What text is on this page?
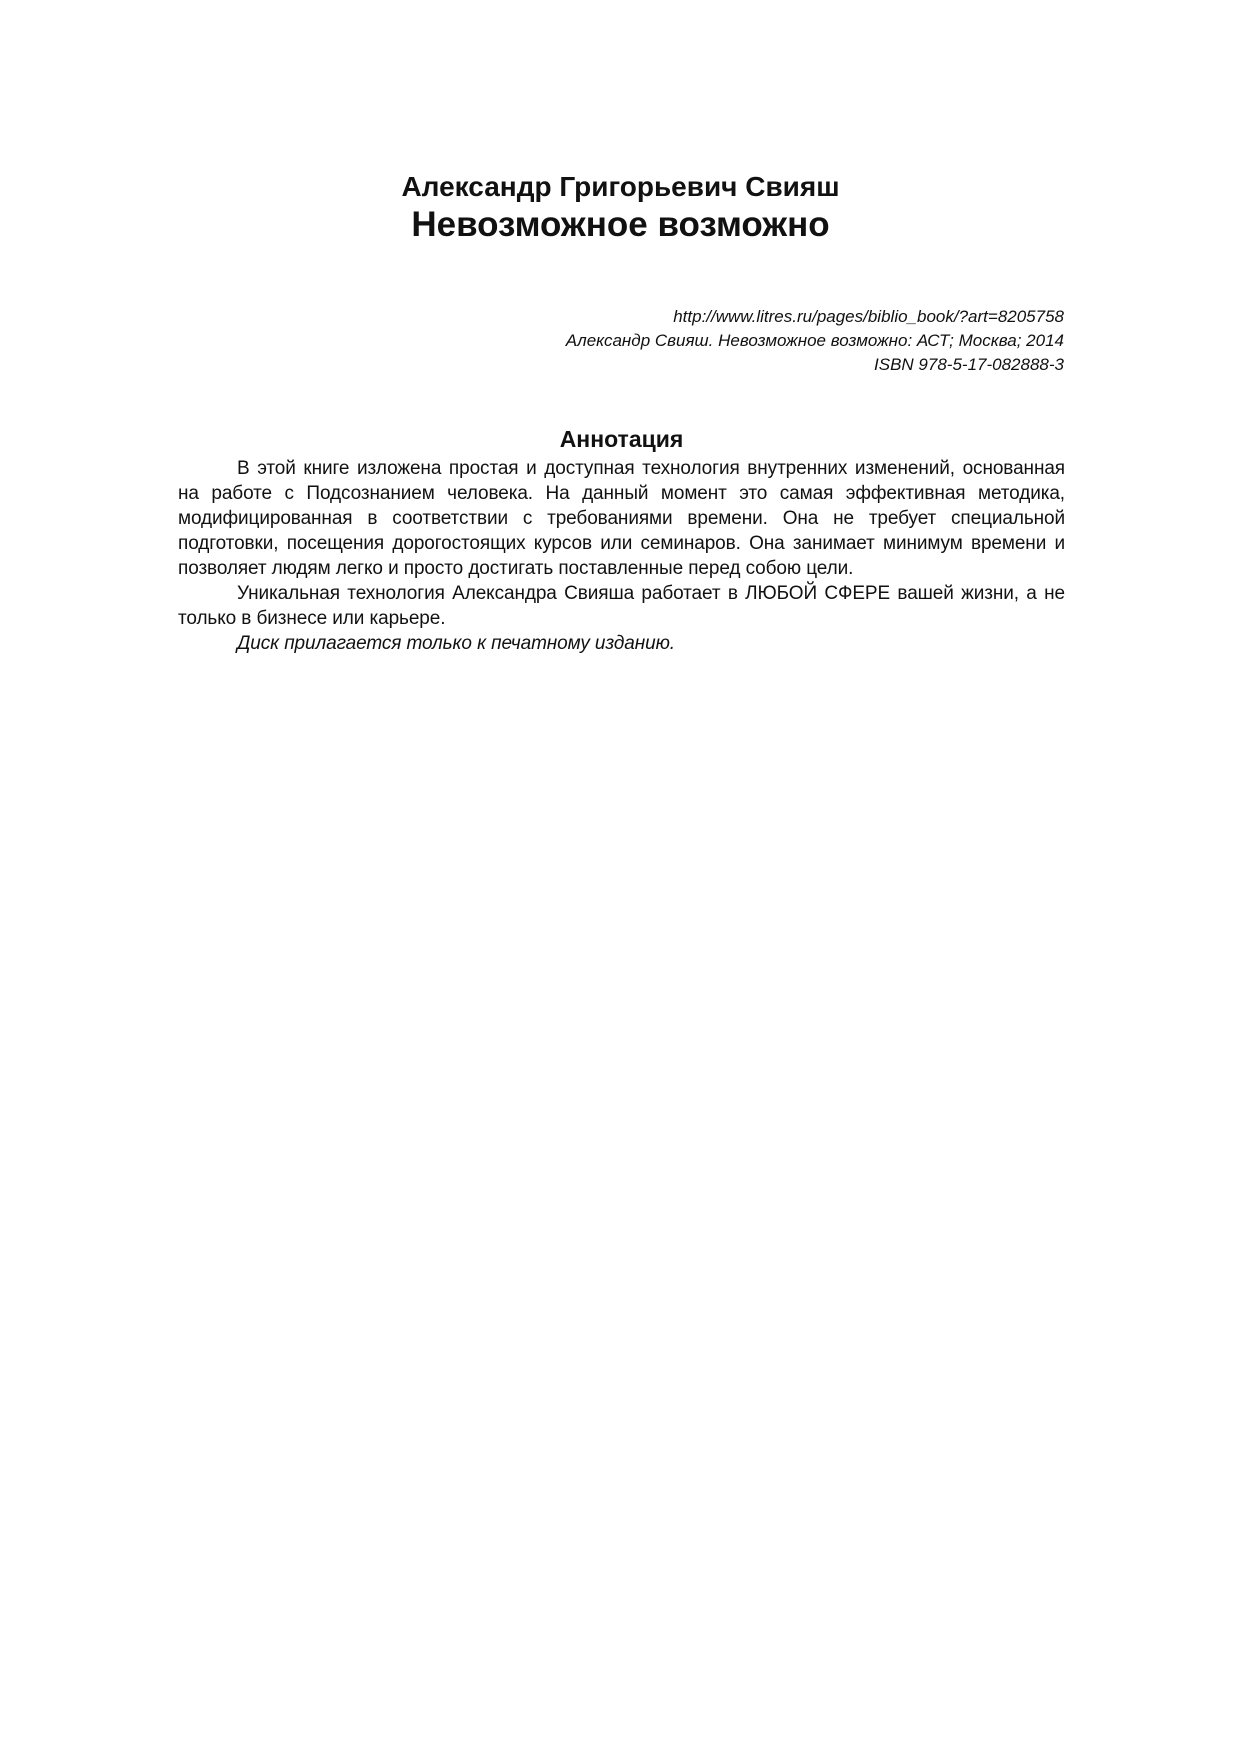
Александр Григорьевич Свияш
Невозможное возможно
http://www.litres.ru/pages/biblio_book/?art=8205758
Александр Свияш. Невозможное возможно: АСТ; Москва; 2014
ISBN 978-5-17-082888-3
Аннотация

В этой книге изложена простая и доступная технология внутренних изменений, основанная на работе с Подсознанием человека. На данный момент это самая эффективная методика, модифицированная в соответствии с требованиями времени. Она не требует специальной подготовки, посещения дорогостоящих курсов или семинаров. Она занимает минимум времени и позволяет людям легко и просто достигать поставленные перед собою цели.

Уникальная технология Александра Свияша работает в ЛЮБОЙ СФЕРЕ вашей жизни, а не только в бизнесе или карьере.

Диск прилагается только к печатному изданию.
